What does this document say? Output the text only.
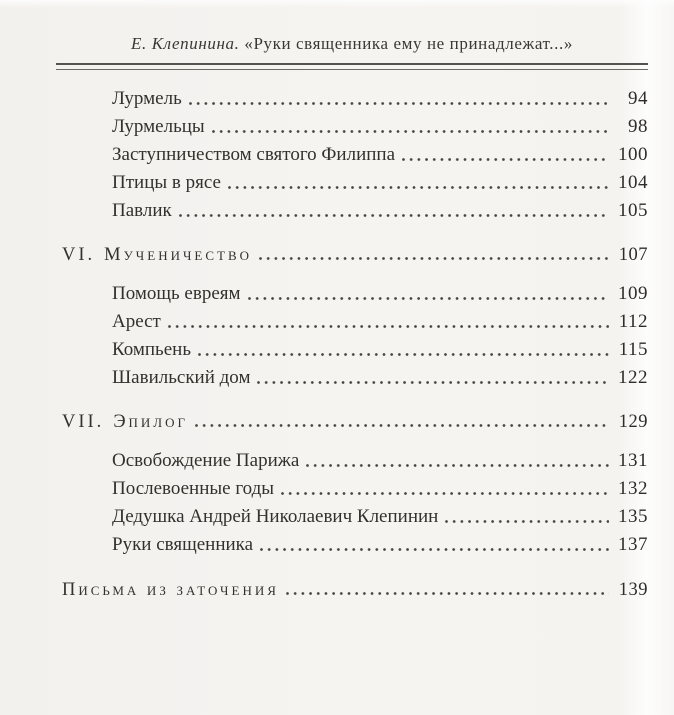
Е. Клепинина. «Руки священника ему не принадлежат...»
Лурмель	94
Лурмельцы	98
Заступничеством святого Филиппа	100
Птицы в рясе	104
Павлик	105
VI. Мученичество	107
Помощь евреям	109
Арест	112
Компьень	115
Шавильский дом	122
VII. Эпилог	129
Освобождение Парижа	131
Послевоенные годы	132
Дедушка Андрей Николаевич Клепинин	135
Руки священника	137
Письма из заточения	139
